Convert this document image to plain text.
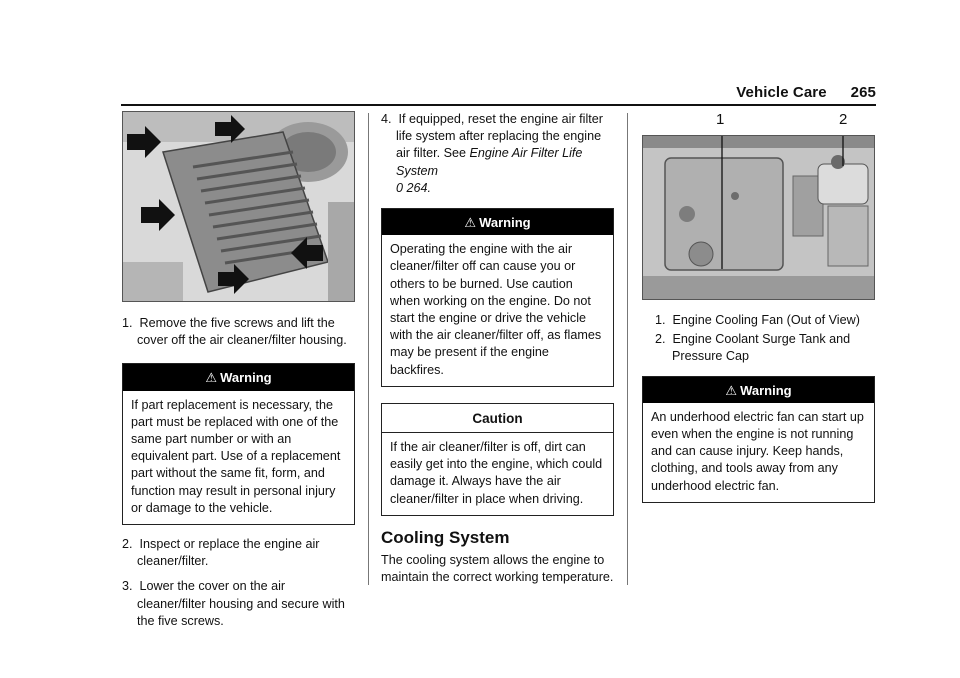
Vehicle Care 265

1. Remove the five screws and lift the cover off the air cleaner/filter housing.

⚠ Warning
If part replacement is necessary, the part must be replaced with one of the same part number or with an equivalent part. Use of a replacement part without the same fit, form, and function may result in personal injury or damage to the vehicle.

2. Inspect or replace the engine air cleaner/filter.

3. Lower the cover on the air cleaner/filter housing and secure with the five screws.

4. If equipped, reset the engine air filter life system after replacing the engine air filter. See Engine Air Filter Life System
0 264.

⚠ Warning
Operating the engine with the air cleaner/filter off can cause you or others to be burned. Use caution when working on the engine. Do not start the engine or drive the vehicle with the air cleaner/filter off, as flames may be present if the engine backfires.
Caution
If the air cleaner/filter is off, dirt can easily get into the engine, which could damage it. Always have the air cleaner/filter in place when driving.
Cooling System
The cooling system allows the engine to maintain the correct working temperature.
1	2

1. Engine Cooling Fan (Out of View)

2. Engine Coolant Surge Tank and Pressure Cap

⚠ Warning
An underhood electric fan can start up even when the engine is not running and can cause injury. Keep hands, clothing, and tools away from any underhood electric fan.
